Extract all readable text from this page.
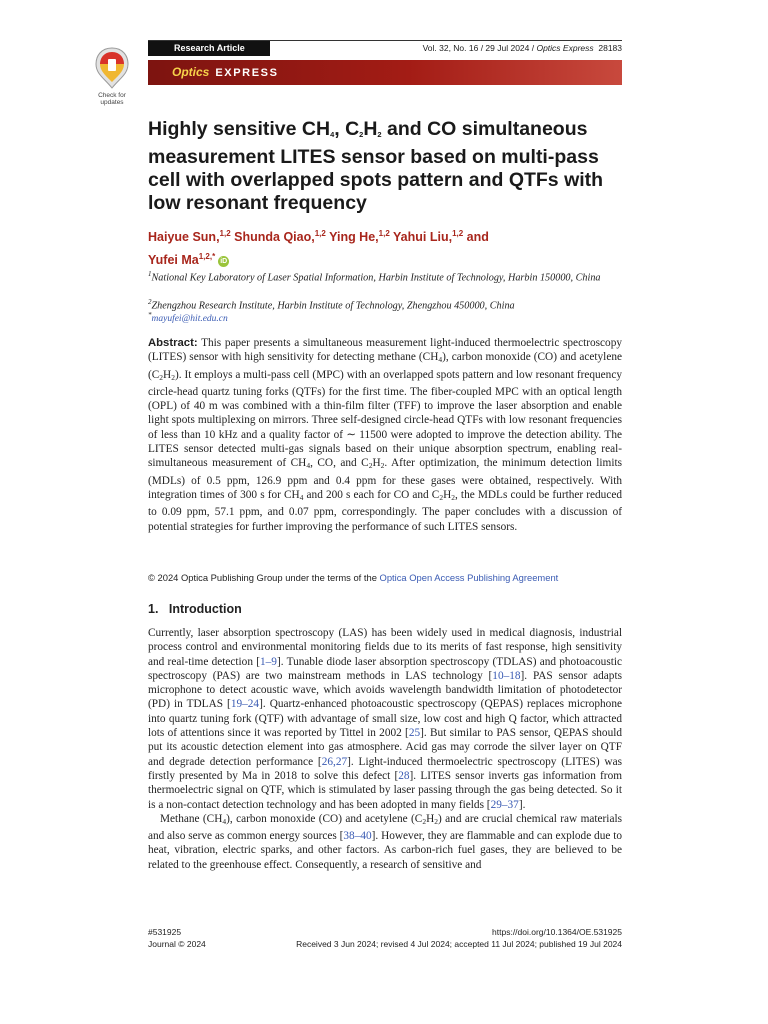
Check for updates
Research Article	Vol. 32, No. 16 / 29 Jul 2024 / Optics Express 28183
Optics EXPRESS
Highly sensitive $CH_4$, $C_2H_2$ and CO simultaneous measurement LITES sensor based on multi-pass cell with overlapped spots pattern and QTFs with low resonant frequency
Haiyue Sun,$^{1,2}$ Shunda Qiao,$^{1,2}$ Ying He,$^{1,2}$ Yahui Liu,$^{1,2}$ and
Yufei $Ma^{1,2,*}$ iD
$^1$National Key Laboratory of Laser Spatial Information, Harbin Institute of Technology, Harbin 150000, China
$^2$Zhengzhou Research Institute, Harbin Institute of Technology, Zhengzhou 450000, China
*mayufei@hit.edu.cn
Abstract: This paper presents a simultaneous measurement light-induced thermoelectric spectroscopy (LITES) sensor with high sensitivity for detecting methane $(CH_4)$, carbon monoxide (CO) and acetylene $(C_2H_2)$. It employs a multi-pass cell (MPC) with an overlapped spots pattern and low resonant frequency circle-head quartz tuning forks (QTFs) for the first time. The fiber-coupled MPC with an optical length (OPL) of 40 m was combined with a thin-film filter (TFF) to improve the laser absorption and enable light spots multiplexing on mirrors. Three self-designed circle-head QTFs with low resonant frequencies of less than 10 kHz and a quality factor of ∼ 11500 were adopted to improve the detection ability. The LITES sensor detected multi-gas signals based on their unique absorption spectrum, enabling real-simultaneous measurement of $CH_4$, CO, and $C_2H_2$. After optimization, the minimum detection limits (MDLs) of 0.5 ppm, 126.9 ppm and 0.4 ppm for these gases were obtained, respectively. With integration times of 300 s for $CH_4$ and 200 s each for CO and $C_2H_2$, the MDLs could be further reduced to 0.09 ppm, 57.1 ppm, and 0.07 ppm, correspondingly. The paper concludes with a discussion of potential strategies for further improving the performance of such LITES sensors.
© 2024 Optica Publishing Group under the terms of the Optica Open Access Publishing Agreement
1.   Introduction

Currently, laser absorption spectroscopy (LAS) has been widely used in medical diagnosis, industrial process control and environmental monitoring fields due to its merits of fast response, high sensitivity and real-time detection [1–9]. Tunable diode laser absorption spectroscopy (TDLAS) and photoacoustic spectroscopy (PAS) are two mainstream methods in LAS technology [10–18]. PAS sensor adapts microphone to detect acoustic wave, which avoids wavelength bandwidth limitation of photodetector (PD) in TDLAS [19–24]. Quartz-enhanced photoacoustic spectroscopy (QEPAS) replaces microphone into quartz tuning fork (QTF) with advantage of small size, low cost and high Q factor, which attracted lots of attentions since it was reported by Tittel in 2002 [25]. But similar to PAS sensor, QEPAS should put its acoustic detection element into gas atmosphere. Acid gas may corrode the silver layer on QTF and degrade detection performance [26,27]. Light-induced thermoelectric spectroscopy (LITES) was firstly presented by Ma in 2018 to solve this defect [28]. LITES sensor inverts gas information from thermoelectric signal on QTF, which is stimulated by laser passing through the gas being detected. So it is a non-contact detection technology and has been adopted in many fields [29–37].

Methane $(CH_4)$, carbon monoxide (CO) and acetylene $(C_2H_2)$ and are crucial chemical raw materials and also serve as common energy sources [38–40]. However, they are flammable and can explode due to heat, vibration, electric sparks, and other factors. As carbon-rich fuel gases, they are believed to be related to the greenhouse effect. Consequently, a research of sensitive and

#531925
Journal © 2024
https://doi.org/10.1364/OE.531925
Received 3 Jun 2024; revised 4 Jul 2024; accepted 11 Jul 2024; published 19 Jul 2024
